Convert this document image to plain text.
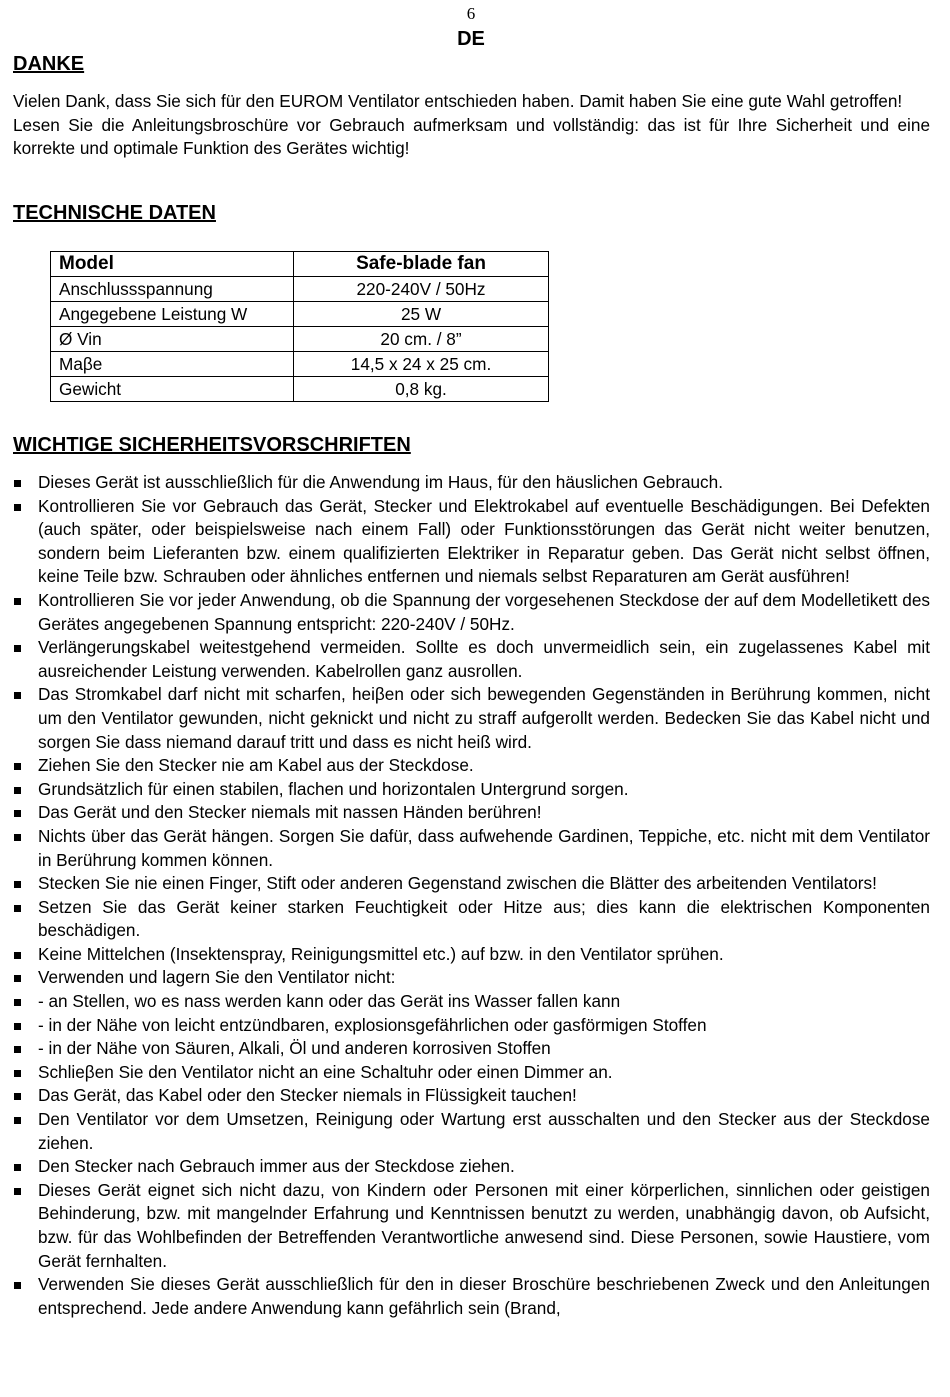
6
DE
DANKE

Vielen Dank, dass Sie sich für den EUROM Ventilator entschieden haben. Damit haben Sie eine gute Wahl getroffen!

Lesen Sie die Anleitungsbroschüre vor Gebrauch aufmerksam und vollständig: das ist für Ihre Sicherheit und eine korrekte und optimale Funktion des Gerätes wichtig!

TECHNISCHE DATEN
Model	Safe-blade fan
Anschlussspannung	220-240V / 50Hz
Angegebene Leistung W	25 W
Ø Vin	20 cm. / 8”
Maβe	14,5 x 24 x 25 cm.
Gewicht	0,8 kg.
WICHTIGE SICHERHEITSVORSCHRIFTEN
Dieses Gerät ist ausschließlich für die Anwendung im Haus, für den häuslichen Gebrauch.
Kontrollieren Sie vor Gebrauch das Gerät, Stecker und Elektrokabel auf eventuelle Beschädigungen. Bei Defekten (auch später, oder beispielsweise nach einem Fall) oder Funktionsstörungen das Gerät nicht weiter benutzen, sondern beim Lieferanten bzw. einem qualifizierten Elektriker in Reparatur geben. Das Gerät nicht selbst öffnen, keine Teile bzw. Schrauben oder ähnliches entfernen und niemals selbst Reparaturen am Gerät ausführen!
Kontrollieren Sie vor jeder Anwendung, ob die Spannung der vorgesehenen Steckdose der auf dem Modelletikett des Gerätes angegebenen Spannung entspricht: 220-240V / 50Hz.
Verlängerungskabel weitestgehend vermeiden. Sollte es doch unvermeidlich sein, ein zugelassenes Kabel mit ausreichender Leistung verwenden. Kabelrollen ganz ausrollen.
Das Stromkabel darf nicht mit scharfen, heiβen oder sich bewegenden Gegenständen in Berührung kommen, nicht um den Ventilator gewunden, nicht geknickt und nicht zu straff aufgerollt werden. Bedecken Sie das Kabel nicht und sorgen Sie dass niemand darauf tritt und dass es nicht heiß wird.
Ziehen Sie den Stecker nie am Kabel aus der Steckdose.
Grundsätzlich für einen stabilen, flachen und horizontalen Untergrund sorgen.
Das Gerät und den Stecker niemals mit nassen Händen berühren!
Nichts über das Gerät hängen. Sorgen Sie dafür, dass aufwehende Gardinen, Teppiche, etc. nicht mit dem Ventilator in Berührung kommen können.
Stecken Sie nie einen Finger, Stift oder anderen Gegenstand zwischen die Blätter des arbeitenden Ventilators!
Setzen Sie das Gerät keiner starken Feuchtigkeit oder Hitze aus; dies kann die elektrischen Komponenten beschädigen.
Keine Mittelchen (Insektenspray, Reinigungsmittel etc.) auf bzw. in den Ventilator sprühen.
Verwenden und lagern Sie den Ventilator nicht:
- an Stellen, wo es nass werden kann oder das Gerät ins Wasser fallen kann
- in der Nähe von leicht entzündbaren, explosionsgefährlichen oder gasförmigen Stoffen
- in der Nähe von Säuren, Alkali, Öl und anderen korrosiven Stoffen
Schlieβen Sie den Ventilator nicht an eine Schaltuhr oder einen Dimmer an.
Das Gerät, das Kabel oder den Stecker niemals in Flüssigkeit tauchen!
Den Ventilator vor dem Umsetzen, Reinigung oder Wartung erst ausschalten und den Stecker aus der Steckdose ziehen.
Den Stecker nach Gebrauch immer aus der Steckdose ziehen.
Dieses Gerät eignet sich nicht dazu, von Kindern oder Personen mit einer körperlichen, sinnlichen oder geistigen Behinderung, bzw. mit mangelnder Erfahrung und Kenntnissen benutzt zu werden, unabhängig davon, ob Aufsicht, bzw. für das Wohlbefinden der Betreffenden Verantwortliche anwesend sind. Diese Personen, sowie Haustiere, vom Gerät fernhalten.
Verwenden Sie dieses Gerät ausschließlich für den in dieser Broschüre beschriebenen Zweck und den Anleitungen entsprechend. Jede andere Anwendung kann gefährlich sein (Brand,
